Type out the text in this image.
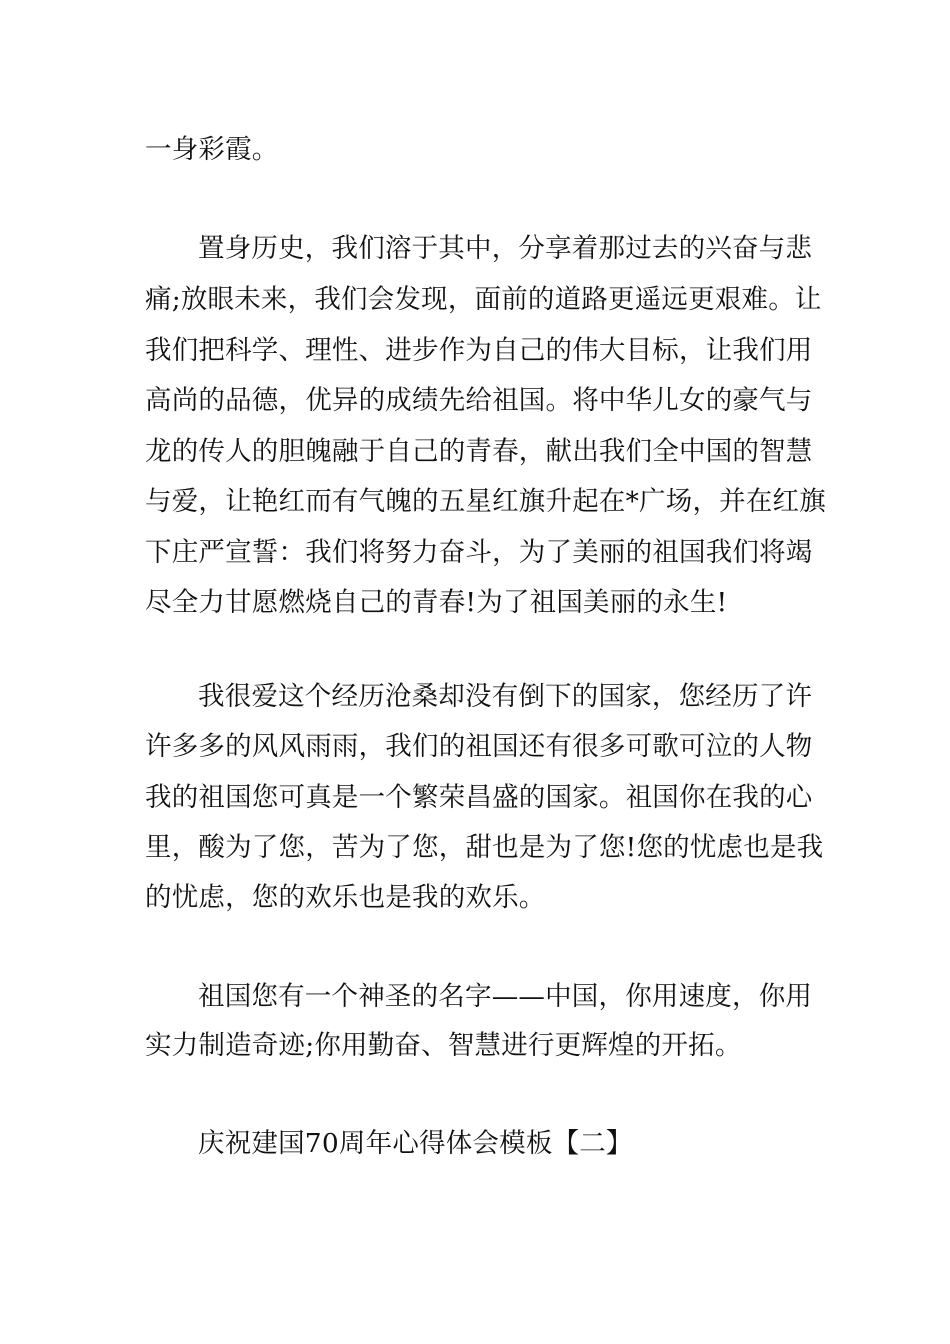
一身彩霞。
置身历史，我们溶于其中，分享着那过去的兴奋与悲
痛;放眼未来，我们会发现，面前的道路更遥远更艰难。让
我们把科学、理性、进步作为自己的伟大目标，让我们用
高尚的品德，优异的成绩先给祖国。将中华儿女的豪气与
龙的传人的胆魄融于自己的青春，献出我们全中国的智慧
与爱，让艳红而有气魄的五星红旗升起在*广场，并在红旗
下庄严宣誓：我们将努力奋斗，为了美丽的祖国我们将竭
尽全力甘愿燃烧自己的青春!为了祖国美丽的永生!
我很爱这个经历沧桑却没有倒下的国家，您经历了许
许多多的风风雨雨，我们的祖国还有很多可歌可泣的人物
我的祖国您可真是一个繁荣昌盛的国家。祖国你在我的心
里，酸为了您，苦为了您，甜也是为了您!您的忧虑也是我
的忧虑，您的欢乐也是我的欢乐。
祖国您有一个神圣的名字——中国，你用速度，你用
实力制造奇迹;你用勤奋、智慧进行更辉煌的开拓。
庆祝建国70周年心得体会模板【二】
